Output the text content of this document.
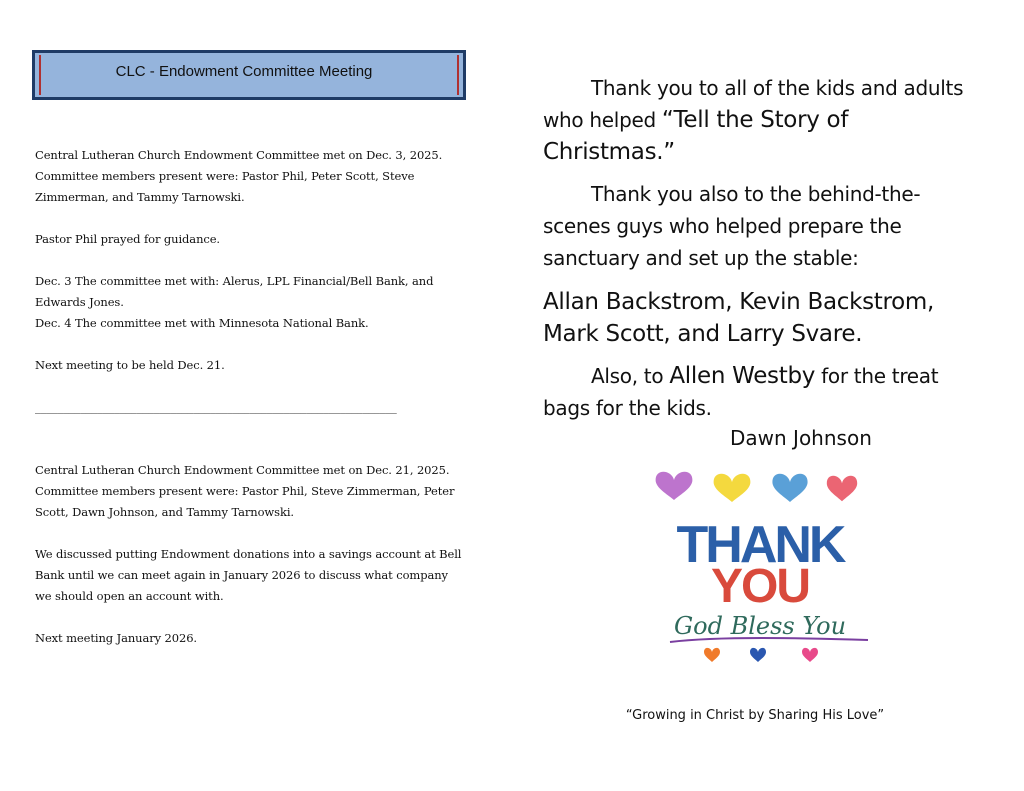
CLC - Endowment Committee Meeting

Central Lutheran Church Endowment Committee met on Dec. 3, 2025.
Committee members present were: Pastor Phil, Peter Scott, Steve
Zimmerman, and Tammy Tarnowski.

Pastor Phil prayed for guidance.

Dec. 3 The committee met with: Alerus, LPL Financial/Bell Bank, and
Edwards Jones.
Dec. 4 The committee met with Minnesota National Bank.

Next meeting to be held Dec. 21.

________________________________________________________________

Central Lutheran Church Endowment Committee met on Dec. 21, 2025.
Committee members present were: Pastor Phil, Steve Zimmerman, Peter
Scott, Dawn Johnson, and Tammy Tarnowski.

We discussed putting Endowment donations into a savings account at Bell
Bank until we can meet again in January 2026 to discuss what company
we should open an account with.

Next meeting January 2026.

Thank you to all of the kids and adults who helped “Tell the Story of Christmas.”

Thank you also to the behind-the-scenes guys who helped prepare the sanctuary and set up the stable:

Allan Backstrom, Kevin Backstrom, Mark Scott, and Larry Svare.

Also, to Allen Westby for the treat bags for the kids.

Dawn Johnson

THANK
YOU
God Bless You
“Growing in Christ by Sharing His Love”
